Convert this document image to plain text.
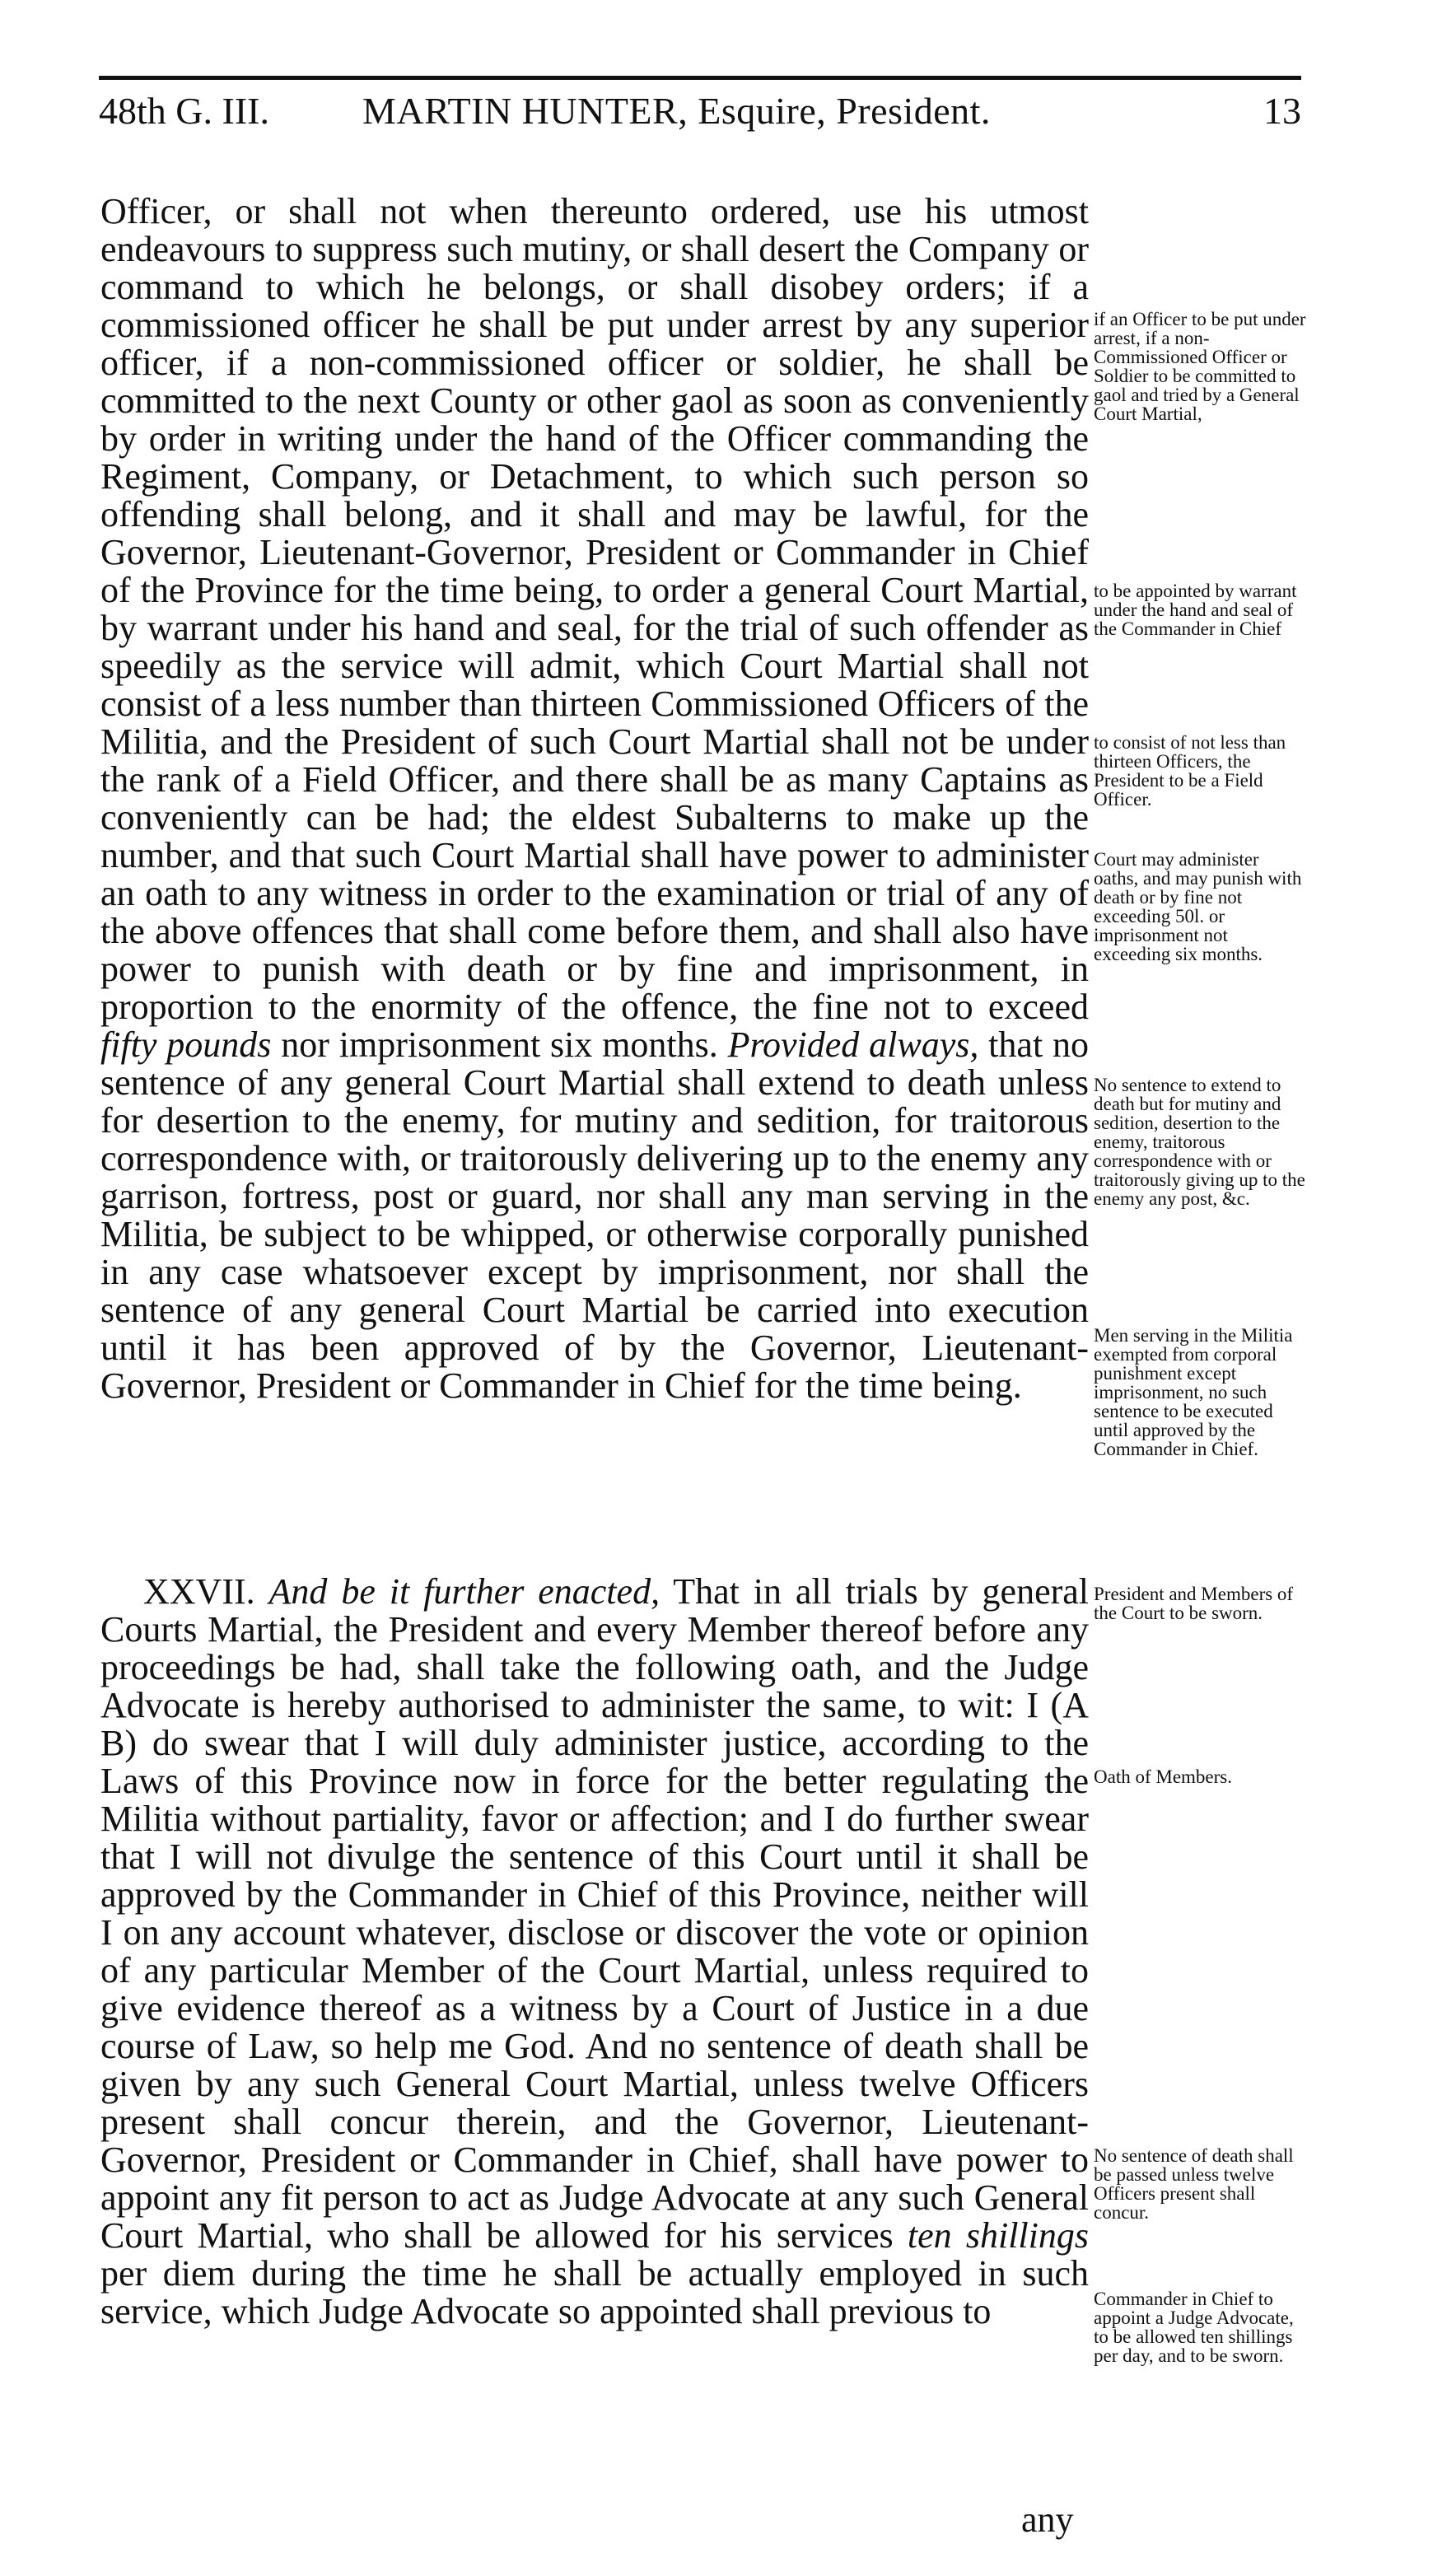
48th G. III. MARTIN HUNTER, Esquire, President.	13

Officer, or shall not when thereunto ordered, use his utmost endeavours to suppress such mutiny, or shall desert the Company or command to which he belongs, or shall disobey orders; if a commissioned officer he shall be put under arrest by any superior officer, if a non-commissioned officer or soldier, he shall be committed to the next County or other gaol as soon as conveniently by order in writing under the hand of the Officer commanding the Regiment, Company, or Detachment, to which such person so offending shall belong, and it shall and may be lawful, for the Governor, Lieutenant-Governor, President or Commander in Chief of the Province for the time being, to order a general Court Martial, by warrant under his hand and seal, for the trial of such offender as speedily as the service will admit, which Court Martial shall not consist of a less number than thirteen Commissioned Officers of the Militia, and the President of such Court Martial shall not be under the rank of a Field Officer, and there shall be as many Captains as conveniently can be had; the eldest Subalterns to make up the number, and that such Court Martial shall have power to administer an oath to any witness in order to the examination or trial of any of the above offences that shall come before them, and shall also have power to punish with death or by fine and imprisonment, in proportion to the enormity of the offence, the fine not to exceed fifty pounds nor imprisonment six months. Provided always, that no sentence of any general Court Martial shall extend to death unless for desertion to the enemy, for mutiny and sedition, for traitorous correspondence with, or traitorously delivering up to the enemy any garrison, fortress, post or guard, nor shall any man serving in the Militia, be subject to be whipped, or otherwise corporally punished in any case whatsoever except by imprisonment, nor shall the sentence of any general Court Martial be carried into execution until it has been approved of by the Governor, Lieutenant-Governor, President or Commander in Chief for the time being.

if an Officer to be put under arrest, if a non-Commissioned Officer or Soldier to be committed to gaol and tried by a General Court Martial,

to be appointed by warrant under the hand and seal of the Commander in Chief

to consist of not less than thirteen Officers, the President to be a Field Officer.

Court may administer oaths, and may punish with death or by fine not exceeding 50l. or imprisonment not exceeding six months.

No sentence to extend to death but for mutiny and sedition, desertion to the enemy, traitorous correspondence with or traitorously giving up to the enemy any post, &c.

Men serving in the Militia exempted from corporal punishment except imprisonment, no such sentence to be executed until approved by the Commander in Chief.

XXVII. And be it further enacted, That in all trials by general Courts Martial, the President and every Member thereof before any proceedings be had, shall take the following oath, and the Judge Advocate is hereby authorised to administer the same, to wit: I (A B) do swear that I will duly administer justice, according to the Laws of this Province now in force for the better regulating the Militia without partiality, favor or affection; and I do further swear that I will not divulge the sentence of this Court until it shall be approved by the Commander in Chief of this Province, neither will I on any account whatever, disclose or discover the vote or opinion of any particular Member of the Court Martial, unless required to give evidence thereof as a witness by a Court of Justice in a due course of Law, so help me God. And no sentence of death shall be given by any such General Court Martial, unless twelve Officers present shall concur therein, and the Governor, Lieutenant-Governor, President or Commander in Chief, shall have power to appoint any fit person to act as Judge Advocate at any such General Court Martial, who shall be allowed for his services ten shillings per diem during the time he shall be actually employed in such service, which Judge Advocate so appointed shall previous to

President and Members of the Court to be sworn.

Oath of Members.

No sentence of death shall be passed unless twelve Officers present shall concur.

Commander in Chief to appoint a Judge Advocate, to be allowed ten shillings per day, and to be sworn.

any
